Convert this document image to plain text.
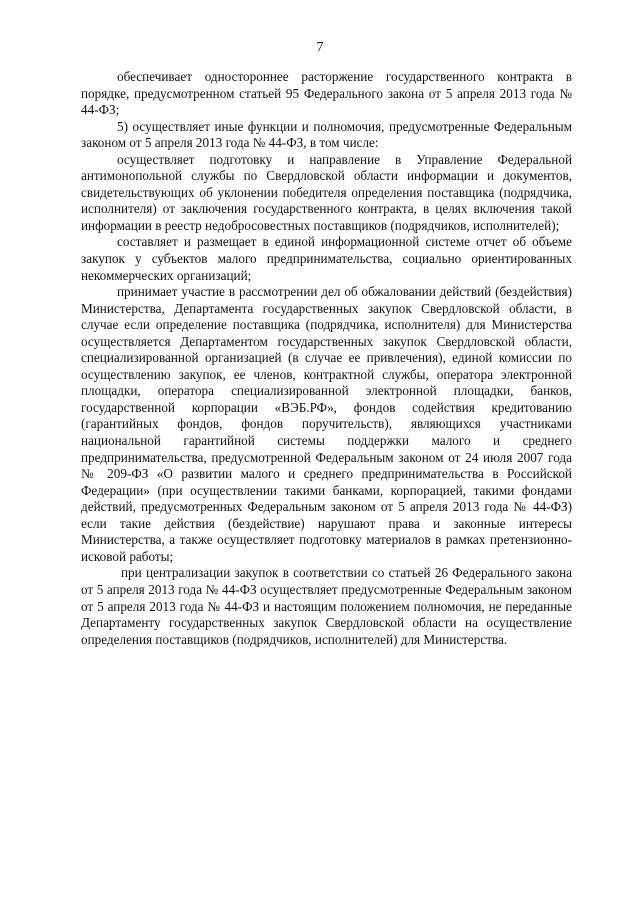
7

обеспечивает одностороннее расторжение государственного контракта в порядке, предусмотренном статьей 95 Федерального закона от 5 апреля 2013 года № 44-ФЗ;

5) осуществляет иные функции и полномочия, предусмотренные Федеральным законом от 5 апреля 2013 года № 44-ФЗ, в том числе:

осуществляет подготовку и направление в Управление Федеральной антимонопольной службы по Свердловской области информации и документов, свидетельствующих об уклонении победителя определения поставщика (подрядчика, исполнителя) от заключения государственного контракта, в целях включения такой информации в реестр недобросовестных поставщиков (подрядчиков, исполнителей);

составляет и размещает в единой информационной системе отчет об объеме закупок у субъектов малого предпринимательства, социально ориентированных некоммерческих организаций;

принимает участие в рассмотрении дел об обжаловании действий (бездействия) Министерства, Департамента государственных закупок Свердловской области, в случае если определение поставщика (подрядчика, исполнителя) для Министерства осуществляется Департаментом государственных закупок Свердловской области, специализированной организацией (в случае ее привлечения), единой комиссии по осуществлению закупок, ее членов, контрактной службы, оператора электронной площадки, оператора специализированной электронной площадки, банков, государственной корпорации «ВЭБ.РФ», фондов содействия кредитованию (гарантийных фондов, фондов поручительств), являющихся участниками национальной гарантийной системы поддержки малого и среднего предпринимательства, предусмотренной Федеральным законом от 24 июля 2007 года № 209-ФЗ «О развитии малого и среднего предпринимательства в Российской Федерации» (при осуществлении такими банками, корпорацией, такими фондами действий, предусмотренных Федеральным законом от 5 апреля 2013 года № 44-ФЗ) если такие действия (бездействие) нарушают права и законные интересы Министерства, а также осуществляет подготовку материалов в рамках претензионно-исковой работы;

при централизации закупок в соответствии со статьей 26 Федерального закона от 5 апреля 2013 года № 44-ФЗ осуществляет предусмотренные Федеральным законом от 5 апреля 2013 года № 44-ФЗ и настоящим положением полномочия, не переданные Департаменту государственных закупок Свердловской области на осуществление определения поставщиков (подрядчиков, исполнителей) для Министерства.
